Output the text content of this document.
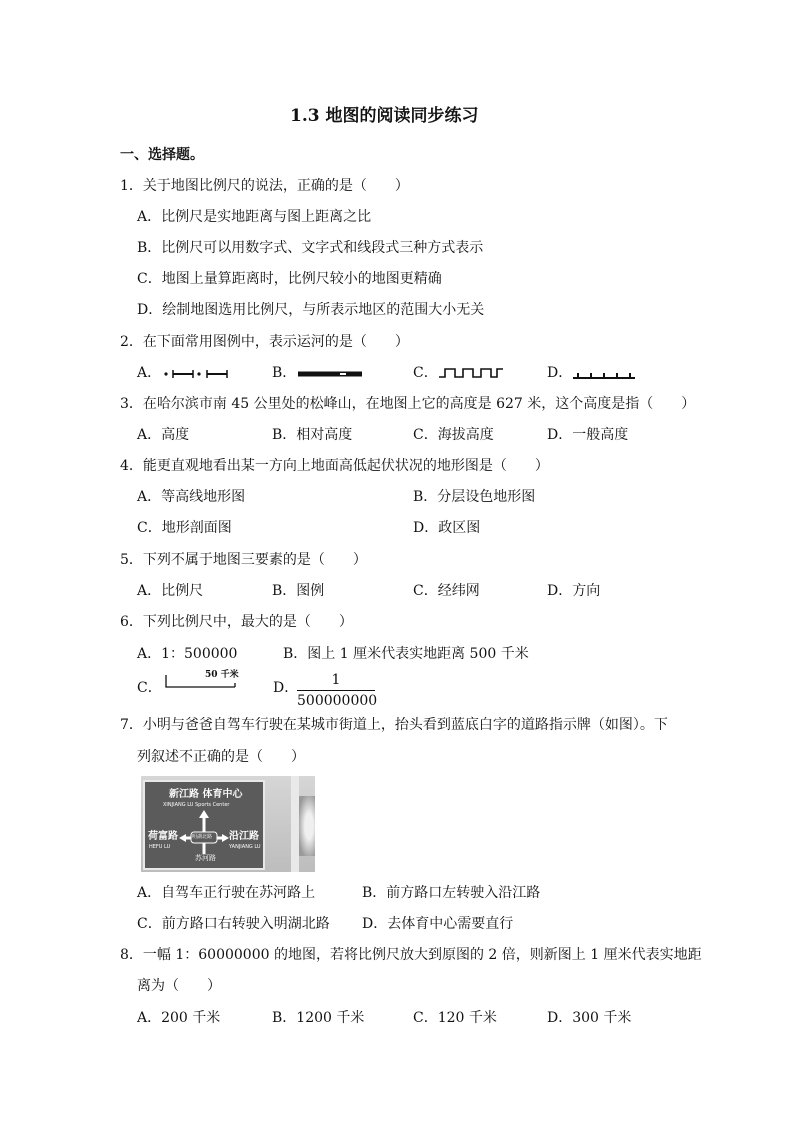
1.3 地图的阅读同步练习
一、选择题。
1．关于地图比例尺的说法，正确的是（　　）
A．比例尺是实地距离与图上距离之比
B．比例尺可以用数字式、文字式和线段式三种方式表示
C．地图上量算距离时，比例尺较小的地图更精确
D．绘制地图选用比例尺，与所表示地区的范围大小无关
2．在下面常用图例中，表示运河的是（　　）
A．	B．	C．	D．
3．在哈尔滨市南 45 公里处的松峰山，在地图上它的高度是 627 米，这个高度是指（　　）
A．高度	B．相对高度	C．海拔高度	D．一般高度
4．能更直观地看出某一方向上地面高低起伏状况的地形图是（　　）
A．等高线地形图	B．分层设色地形图
C．地形剖面图	D．政区图
5．下列不属于地图三要素的是（　　）
A．比例尺	B．图例	C．经纬网	D．方向
6．下列比例尺中，最大的是（　　）
A．1：500000	B．图上 1 厘米代表实地距离 500 千米
C．
50 千米
D．	1
500000000
7．小明与爸爸自驾车行驶在某城市街道上，抬头看到蓝底白字的道路指示牌（如图）。下
列叙述不正确的是（　　）
新江路 体育中心
XINJIANG LU Sports Center
明湖北路
荷富路
HEFU LU
沿江路
YANJIANG LU
苏河路
A．自驾车正行驶在苏河路上	B．前方路口左转驶入沿江路
C．前方路口右转驶入明湖北路 D．去体育中心需要直行
8．一幅 1：60000000 的地图，若将比例尺放大到原图的 2 倍，则新图上 1 厘米代表实地距
离为（　　）
A．200 千米	B．1200 千米	C．120 千米	D．300 千米
